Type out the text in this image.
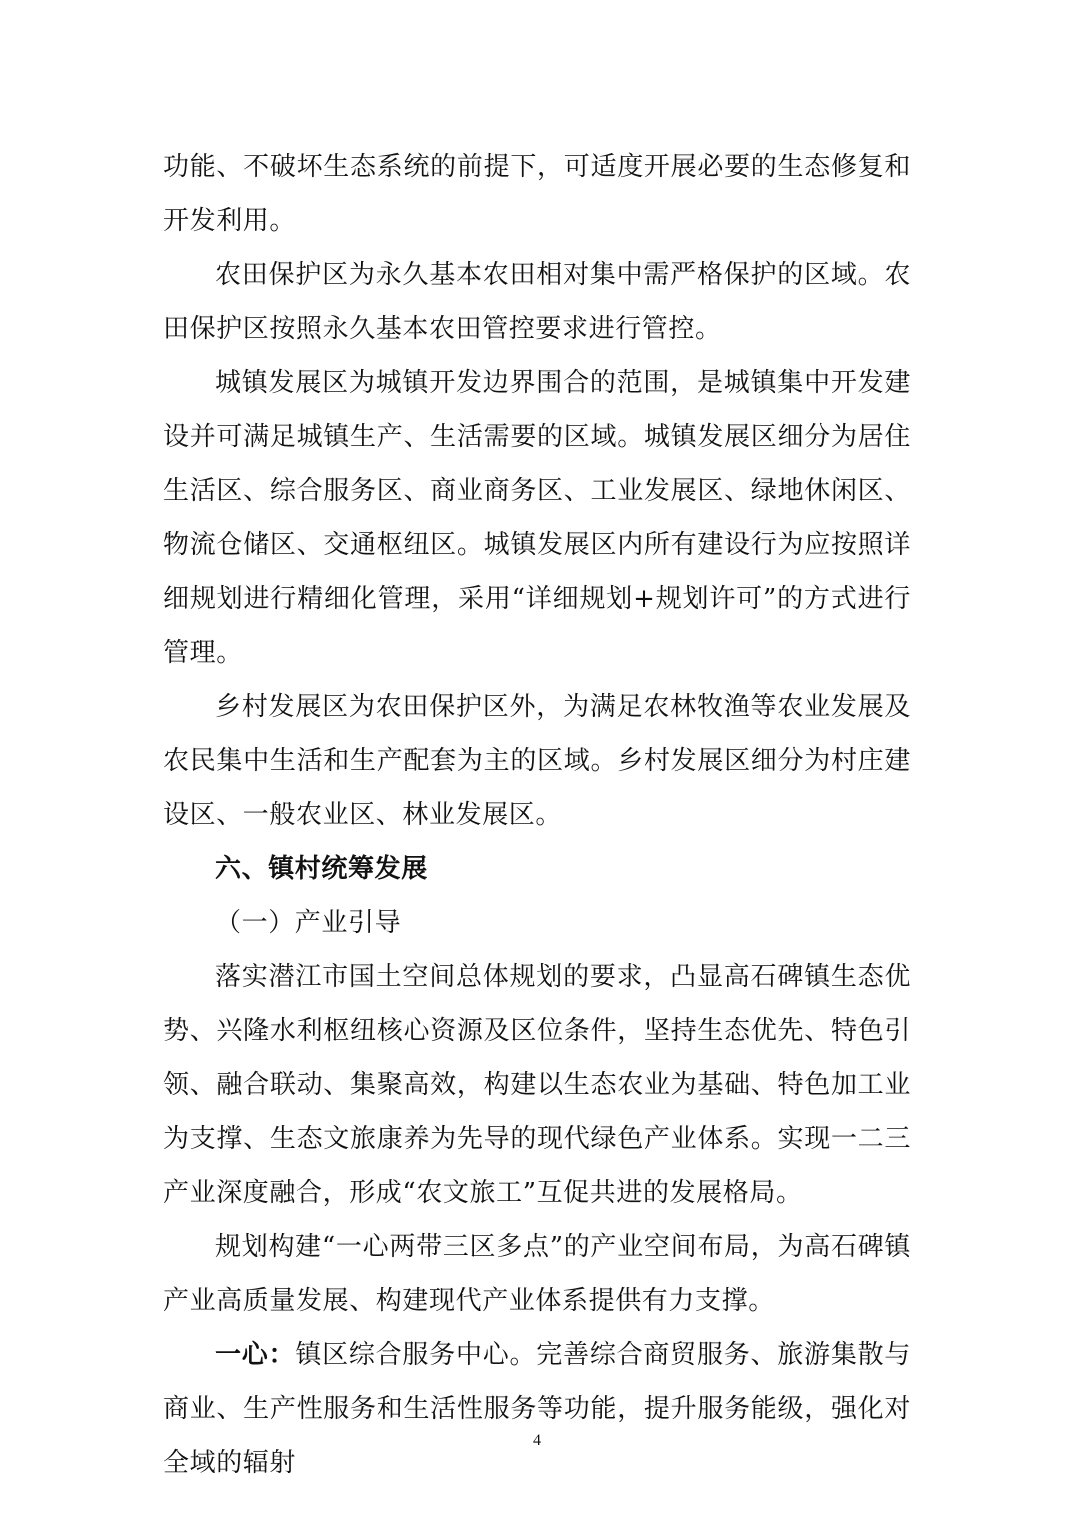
功能、不破坏生态系统的前提下，可适度开展必要的生态修复和开发利用。

农田保护区为永久基本农田相对集中需严格保护的区域。农田保护区按照永久基本农田管控要求进行管控。

城镇发展区为城镇开发边界围合的范围，是城镇集中开发建设并可满足城镇生产、生活需要的区域。城镇发展区细分为居住生活区、综合服务区、商业商务区、工业发展区、绿地休闲区、物流仓储区、交通枢纽区。城镇发展区内所有建设行为应按照详细规划进行精细化管理，采用“详细规划+规划许可”的方式进行管理。

乡村发展区为农田保护区外，为满足农林牧渔等农业发展及农民集中生活和生产配套为主的区域。乡村发展区细分为村庄建设区、一般农业区、林业发展区。

六、镇村统筹发展

（一）产业引导

落实潜江市国土空间总体规划的要求，凸显高石碑镇生态优势、兴隆水利枢纽核心资源及区位条件，坚持生态优先、特色引领、融合联动、集聚高效，构建以生态农业为基础、特色加工业为支撑、生态文旅康养为先导的现代绿色产业体系。实现一二三产业深度融合，形成“农文旅工”互促共进的发展格局。

规划构建“一心两带三区多点”的产业空间布局，为高石碑镇产业高质量发展、构建现代产业体系提供有力支撑。

一心：镇区综合服务中心。完善综合商贸服务、旅游集散与商业、生产性服务和生活性服务等功能，提升服务能级，强化对全域的辐射

4
